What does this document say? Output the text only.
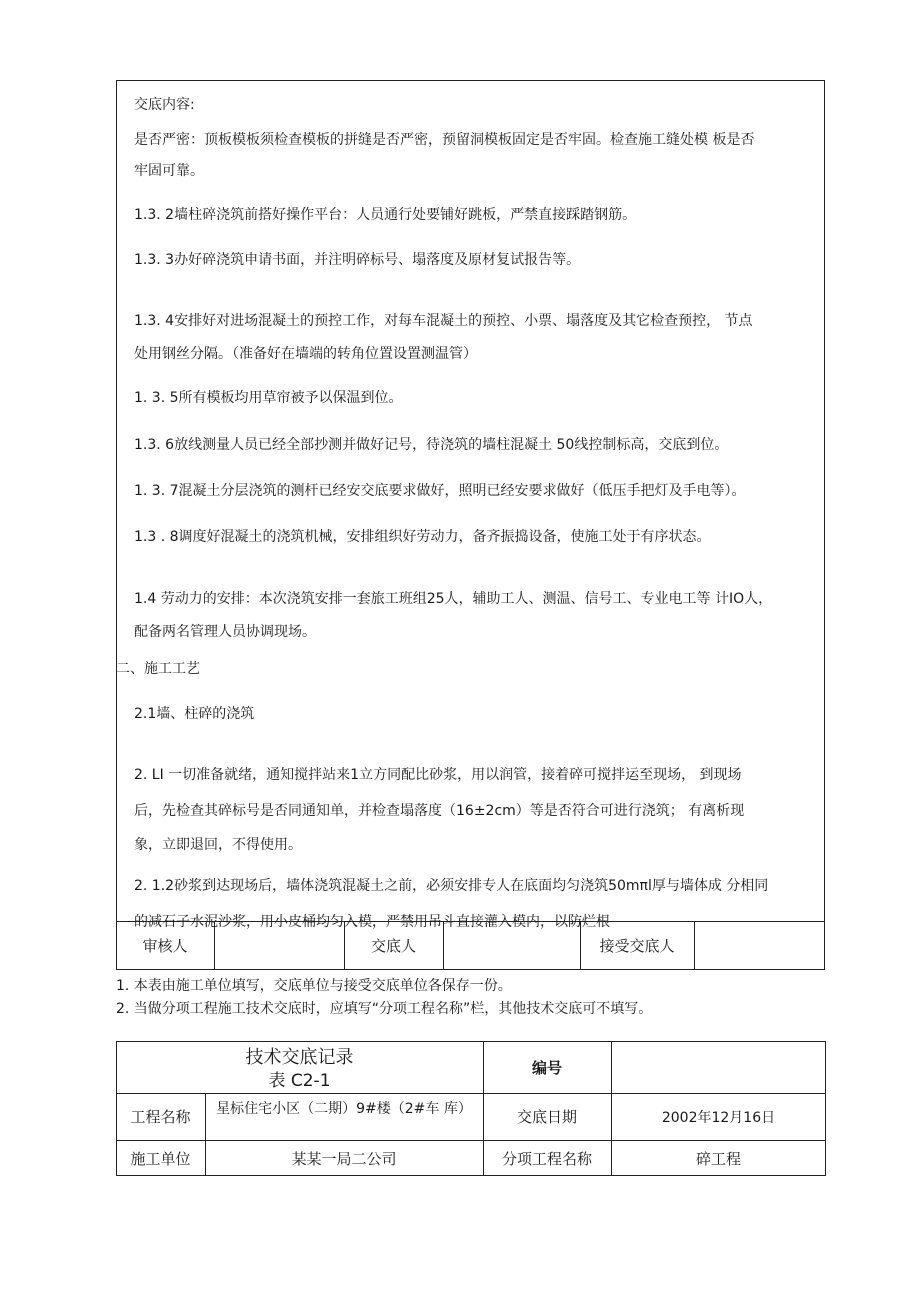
交底内容:
是否严密：顶板模板须检查模板的拼缝是否严密，预留洞模板固定是否牢固。检查施工缝处模 板是否
牢固可靠。
1.3. 2墙柱碎浇筑前搭好操作平台：人员通行处要铺好跳板，严禁直接踩踏钢筋。
1.3. 3办好碎浇筑申请书面，并注明碎标号、塌落度及原材复试报告等。
1.3. 4安排好对进场混凝土的预控工作，对每车混凝土的预控、小票、塌落度及其它检查预控， 节点
处用钢丝分隔。（准备好在墙端的转角位置设置测温管）
1. 3. 5所有模板均用草帘被予以保温到位。
1.3. 6放线测量人员已经全部抄测并做好记号，待浇筑的墙柱混凝土 50线控制标高，交底到位。
1. 3. 7混凝土分层浇筑的测杆已经安交底要求做好，照明已经安要求做好（低压手把灯及手电等）。
1.3 . 8调度好混凝土的浇筑机械，安排组织好劳动力，备齐振捣设备，使施工处于有序状态。
1.4 劳动力的安排：本次浇筑安排一套旅工班组25人，辅助工人、测温、信号工、专业电工等 计IO人，
配备两名管理人员协调现场。
二、施工工艺
2.1墙、柱碎的浇筑
2. LI 一切准备就绪，通知搅拌站来1立方同配比砂浆，用以润管，接着碎可搅拌运至现场， 到现场
后，先检查其碎标号是否同通知单，并检查塌落度（16±2cm）等是否符合可进行浇筑； 有离析现
象，立即退回，不得使用。
2. 1.2砂浆到达现场后，墙体浇筑混凝土之前，必须安排专人在底面均匀浇筑50mπl厚与墙体成 分相同
的减石子水泥沙浆，用小皮桶均匀入模，严禁用吊斗直接灌入模内，以防烂根
审核人	交底人	接受交底人
1. 本表由施工单位填写，交底单位与接受交底单位各保存一份。
2. 当做分项工程施工技术交底时，应填写“分项工程名称”栏，其他技术交底可不填写。
技术交底记录
表 C2-1
编号
工程名称	星标住宅小区（二期）9#楼（2#车 库）	交底日期	2002年12月16日
施工单位	某某一局二公司	分项工程名称	碎工程
